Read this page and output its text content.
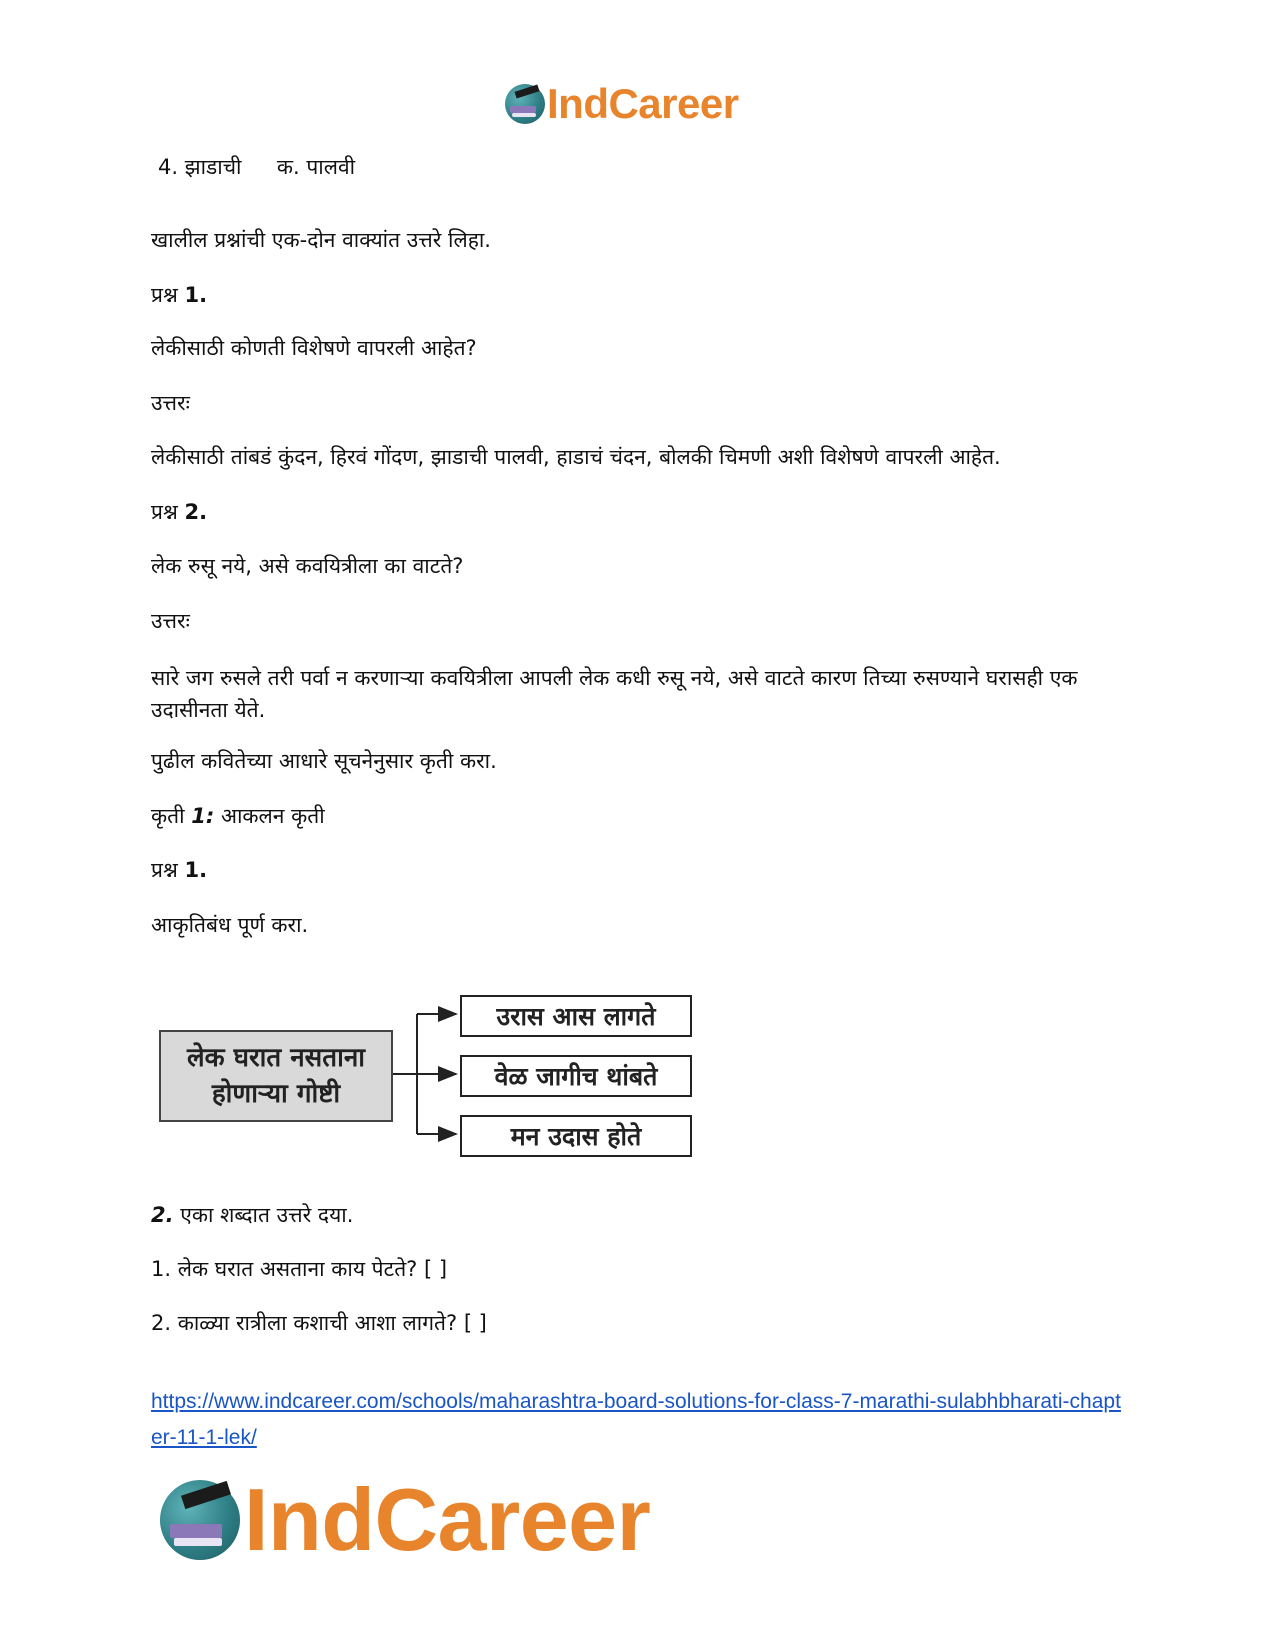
IndCareer
4. झाडाची क. पालवी
खालील प्रश्नांची एक-दोन वाक्यांत उत्तरे लिहा.
प्रश्न 1.
लेकीसाठी कोणती विशेषणे वापरली आहेत?
उत्तरः
लेकीसाठी तांबडं कुंदन, हिरवं गोंदण, झाडाची पालवी, हाडाचं चंदन, बोलकी चिमणी अशी विशेषणे वापरली आहेत.
प्रश्न 2.
लेक रुसू नये, असे कवयित्रीला का वाटते?
उत्तरः
सारे जग रुसले तरी पर्वा न करणाऱ्या कवयित्रीला आपली लेक कधी रुसू नये, असे वाटते कारण तिच्या रुसण्याने घरासही एक उदासीनता येते.
पुढील कवितेच्या आधारे सूचनेनुसार कृती करा.
कृती 1: आकलन कृती
प्रश्न 1.
आकृतिबंध पूर्ण करा.
लेक घरात नसताना
होणाऱ्या गोष्टी
उरास आस लागते
वेळ जागीच थांबते
मन उदास होते
2. एका शब्दात उत्तरे दया.
1. लेक घरात असताना काय पेटते? [ ]
2. काळ्या रात्रीला कशाची आशा लागते? [ ]
https://www.indcareer.com/schools/maharashtra-board-solutions-for-class-7-marathi-sulabhbharati-chapter-11-1-lek/
IndCareer
